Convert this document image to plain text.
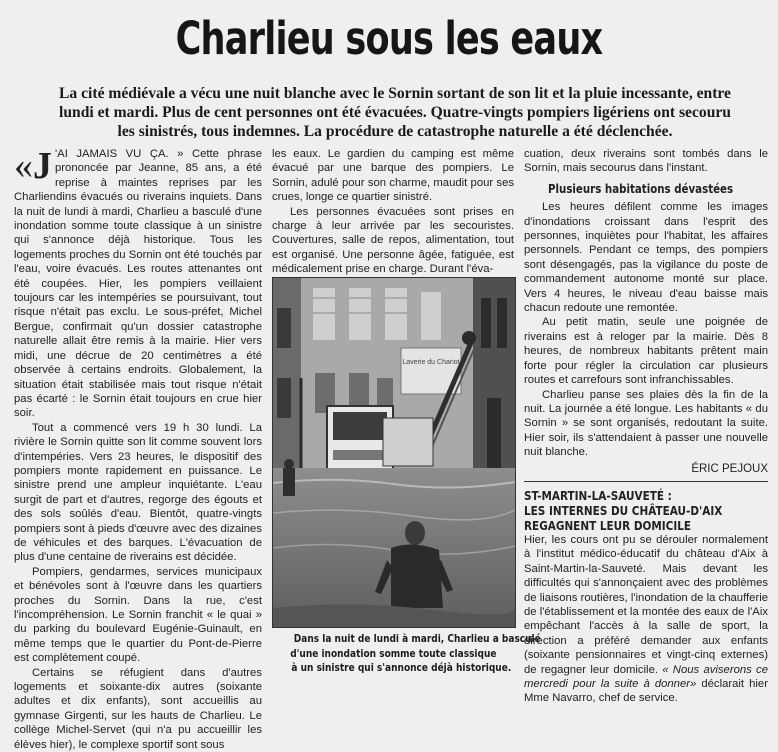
Charlieu sous les eaux

La cité médiévale a vécu une nuit blanche avec le Sornin sortant de son lit et la pluie incessante, entre lundi et mardi. Plus de cent personnes ont été évacuées. Quatre-vingts pompiers ligériens ont secouru les sinistrés, tous indemnes. La procédure de catastrophe naturelle a été déclenchée.

«J 'AI JAMAIS VU ÇA. » Cette phrase prononcée par Jeanne, 85 ans, a été reprise à maintes reprises par les Charliendins évacués ou riverains inquiets. Dans la nuit de lundi à mardi, Charlieu a basculé d'une inondation somme toute classique à un sinistre qui s'annonce déjà historique. Tous les logements proches du Sornin ont été touchés par l'eau, voire évacués. Les routes attenantes ont été coupées. Hier, les pompiers veillaient toujours car les intempéries se poursuivant, tout risque n'était pas exclu. Le sous-préfet, Michel Bergue, confirmait qu'un dossier catastrophe naturelle allait être remis à la mairie. Hier vers midi, une décrue de 20 centimètres a été observée à certains endroits. Globalement, la situation était stabilisée mais tout risque n'était pas écarté : le Sornin était toujours en crue hier soir.

Tout a commencé vers 19 h 30 lundi. La rivière le Sornin quitte son lit comme souvent lors d'intempéries. Vers 23 heures, le dispositif des pompiers monte rapidement en puissance. Le sinistre prend une ampleur inquiétante. L'eau surgit de part et d'autres, regorge des égouts et des sols soûlés d'eau. Bientôt, quatre-vingts pompiers sont à pieds d'œuvre avec des dizaines de véhicules et des barques. L'évacuation de plus d'une centaine de riverains est décidée.

Pompiers, gendarmes, services municipaux et bénévoles sont à l'œuvre dans les quartiers proches du Sornin. Dans la rue, c'est l'incompréhension. Le Sornin franchit « le quai » du parking du boulevard Eugénie-Guinault, en même temps que le quartier du Pont-de-Pierre est complètement coupé.

Certains se réfugient dans d'autres logements et soixante-dix autres (soixante adultes et dix enfants), sont accueillis au gymnase Girgenti, sur les hauts de Charlieu. Le collège Michel-Servet (qui n'a pu accueillir les élèves hier), le complexe sportif sont sous

les eaux. Le gardien du camping est même évacué par une barque des pompiers. Le Sornin, adulé pour son charme, maudit pour ses crues, longe ce quartier sinistré.

Les personnes évacuées sont prises en charge à leur arrivée par les secouristes. Couvertures, salle de repos, alimentation, tout est organisé. Une personne âgée, fatiguée, est médicalement prise en charge. Durant l'éva-

Laverie du Chariot
Dans la nuit de lundi à mardi, Charlieu a basculé
d'une inondation somme toute classique
à un sinistre qui s'annonce déjà historique.

cuation, deux riverains sont tombés dans le Sornin, mais secourus dans l'instant.

Plusieurs habitations dévastées

Les heures défilent comme les images d'inondations croissant dans l'esprit des personnes, inquiètes pour l'habitat, les affaires personnels. Pendant ce temps, des pompiers sont désengagés, pas la vigilance du poste de commandement autonome monté sur place. Vers 4 heures, le niveau d'eau baisse mais chacun redoute une remontée.

Au petit matin, seule une poignée de riverains est à reloger par la mairie. Dès 8 heures, de nombreux habitants prêtent main forte pour régler la circulation car plusieurs routes et carrefours sont infranchissables.

Charlieu panse ses plaies dès la fin de la nuit. La journée a été longue. Les habitants « du Sornin » se sont organisés, redoutant la suite. Hier soir, ils s'attendaient à passer une nouvelle nuit blanche.

ÉRIC PEJOUX

ST-MARTIN-LA-SAUVETÉ :
LES INTERNES DU CHÂTEAU-D'AIX
REGAGNENT LEUR DOMICILE

Hier, les cours ont pu se dérouler normalement à l'institut médico-éducatif du château d'Aix à Saint-Martin-la-Sauveté. Mais devant les difficultés qui s'annonçaient avec des problèmes de liaisons routières, l'inondation de la chaufferie de l'établissement et la montée des eaux de l'Aix empêchant l'accès à la salle de sport, la direction a préféré demander aux enfants (soixante pensionnaires et vingt-cinq externes) de regagner leur domicile. « Nous aviserons ce mercredi pour la suite à donner» déclarait hier Mme Navarro, chef de service.
